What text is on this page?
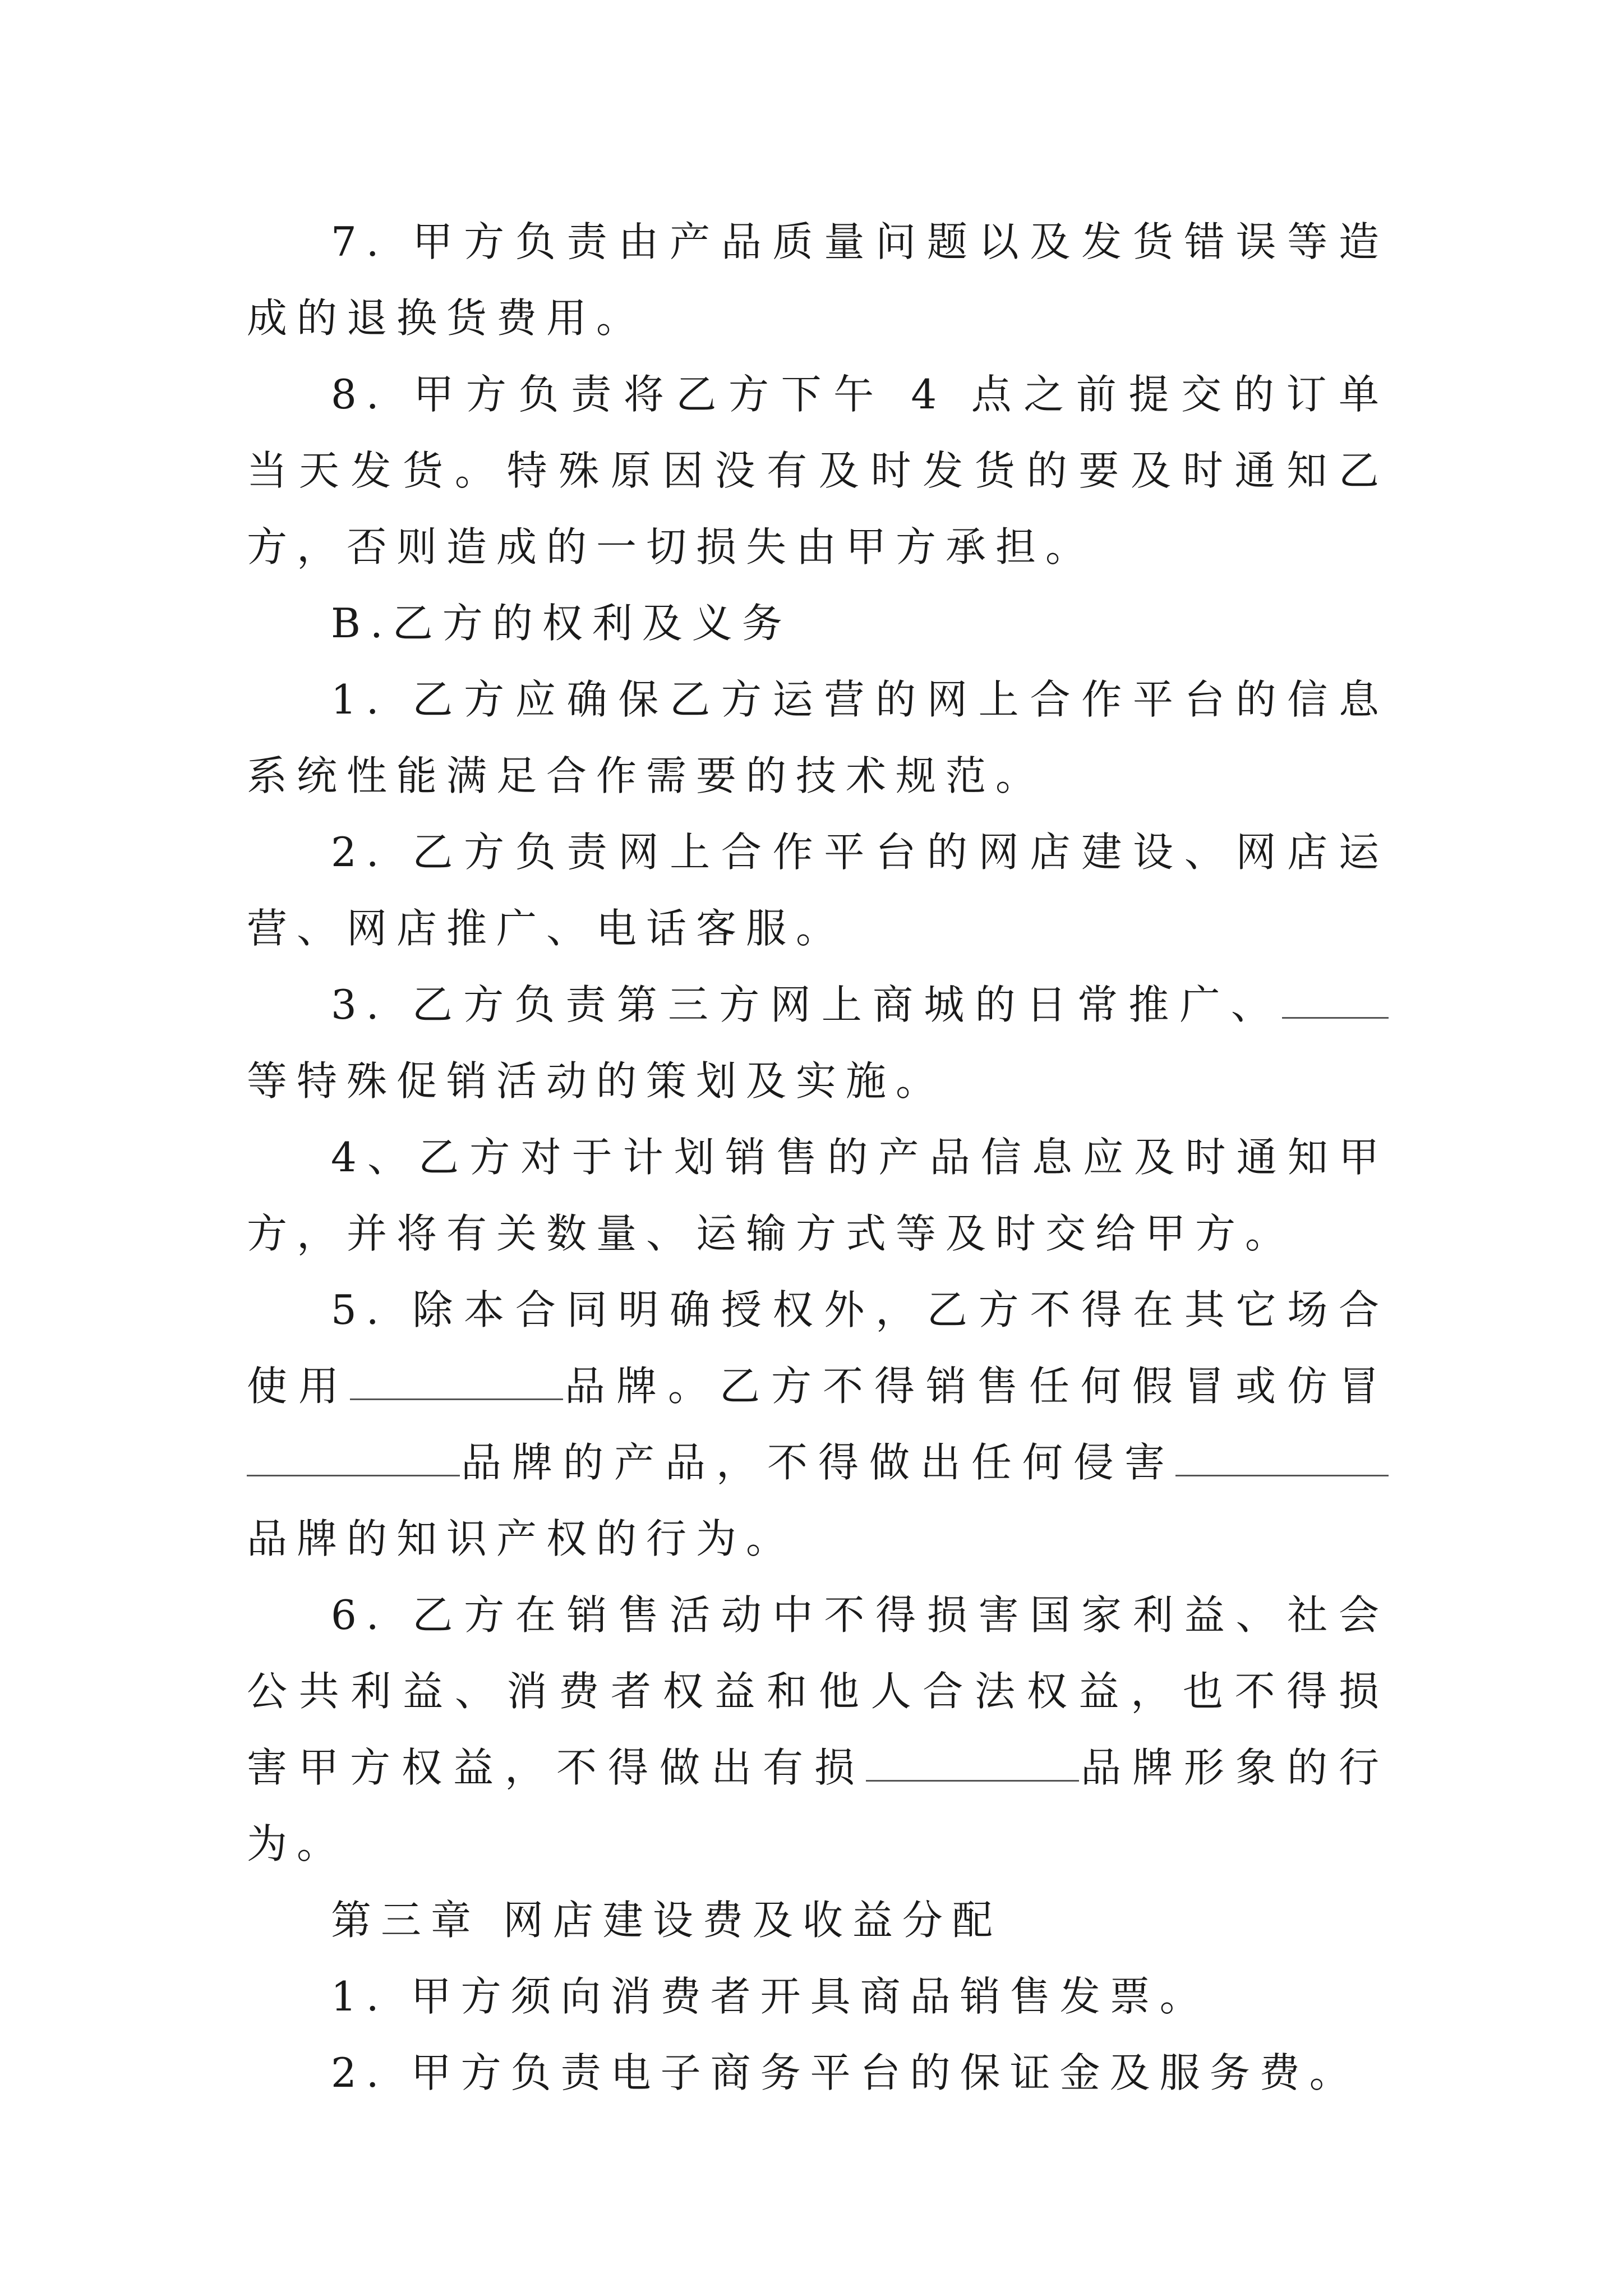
7. 甲方负责由产品质量问题以及发货错误等造成的退换货费用。

8. 甲方负责将乙方下午 4 点之前提交的订单当天发货。特殊原因没有及时发货的要及时通知乙方，否则造成的一切损失由甲方承担。

B.乙方的权利及义务

1. 乙方应确保乙方运营的网上合作平台的信息系统性能满足合作需要的技术规范。

2. 乙方负责网上合作平台的网店建设、网店运营、网店推广、电话客服。

3. 乙方负责第三方网上商城的日常推广、等特殊促销活动的策划及实施。

4、乙方对于计划销售的产品信息应及时通知甲方，并将有关数量、运输方式等及时交给甲方。

5. 除本合同明确授权外，乙方不得在其它场合使用	品牌。乙方不得销售任何假冒或仿冒品牌的产品，不得做出任何侵害品牌的知识产权的行为。

6. 乙方在销售活动中不得损害国家利益、社会公共利益、消费者权益和他人合法权益，也不得损害甲方权益，不得做出有损	品牌形象的行为。

第三章 网店建设费及收益分配

1. 甲方须向消费者开具商品销售发票。

2. 甲方负责电子商务平台的保证金及服务费。
